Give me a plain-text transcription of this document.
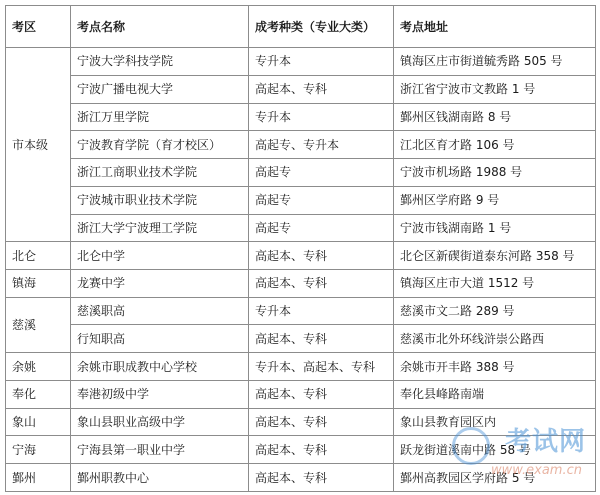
考区	考点名称	成考种类（专业大类）	考点地址
市本级	宁波大学科技学院	专升本	镇海区庄市街道毓秀路 505 号
	宁波广播电视大学	高起本、专科	浙江省宁波市文教路 1 号
	浙江万里学院	专升本	鄞州区钱湖南路 8 号
	宁波教育学院（育才校区）	高起专、专升本	江北区育才路 106 号
	浙江工商职业技术学院	高起专	宁波市机场路 1988 号
	宁波城市职业技术学院	高起专	鄞州区学府路 9 号
	浙江大学宁波理工学院	高起专	宁波市钱湖南路 1 号
北仑	北仑中学	高起本、专科	北仑区新碶街道泰东河路 358 号
镇海	龙赛中学	高起本、专科	镇海区庄市大道 1512 号
慈溪	慈溪职高	专升本	慈溪市文二路 289 号
	行知职高	高起本、专科	慈溪市北外环线浒崇公路西
余姚	余姚市职成教中心学校	专升本、高起本、专科	余姚市开丰路 388 号
奉化	奉港初级中学	高起本、专科	奉化县峰路南端
象山	象山县职业高级中学	高起本、专科	象山县教育园区内
宁海	宁海县第一职业中学	高起本、专科	跃龙街道溪南中路 58 号
鄞州	鄞州职教中心	高起本、专科	鄞州高教园区学府路 5 号
考试网
www.exam.cn
